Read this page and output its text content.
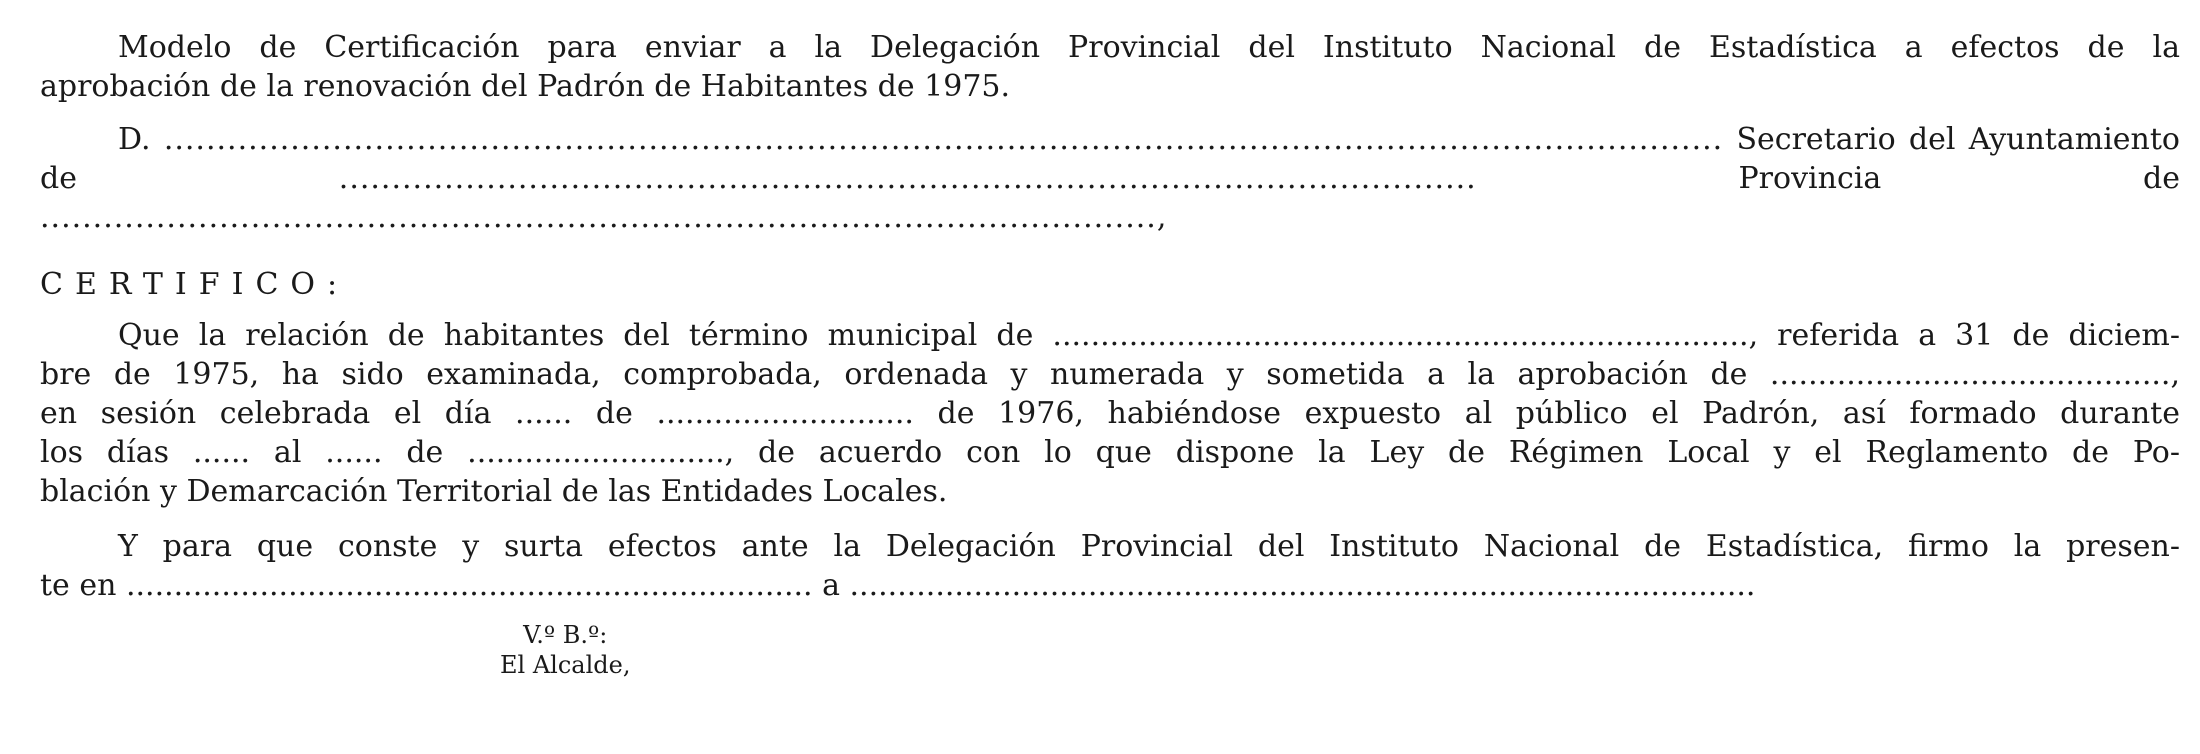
Modelo de Certificación para enviar a la Delegación Provincial del Instituto Nacional de Estadística a efectos de la
aprobación de la renovación del Padrón de Habitantes de 1975.

D. .................................................................................................................................................... Secretario del Ayuntamiento
de	............................................................................................................	Provincia de ..........................................................................................................,

CERTIFICO:

Que la relación de habitantes del término municipal de ........................................................................., referida a 31 de diciem-
bre de 1975, ha sido examinada, comprobada, ordenada y numerada y sometida a la aprobación de ..........................................,
en sesión celebrada el día ...... de ........................... de 1976, habiéndose expuesto al público el Padrón, así formado durante
los días ...... al ...... de ..........................., de acuerdo con lo que dispone la Ley de Régimen Local y el Reglamento de Po-
blación y Demarcación Territorial de las Entidades Locales.

Y para que conste y surta efectos ante la Delegación Provincial del Instituto Nacional de Estadística, firmo la presen-
te en ........................................................................ a ...............................................................................................

V.º B.º:
El Alcalde,
